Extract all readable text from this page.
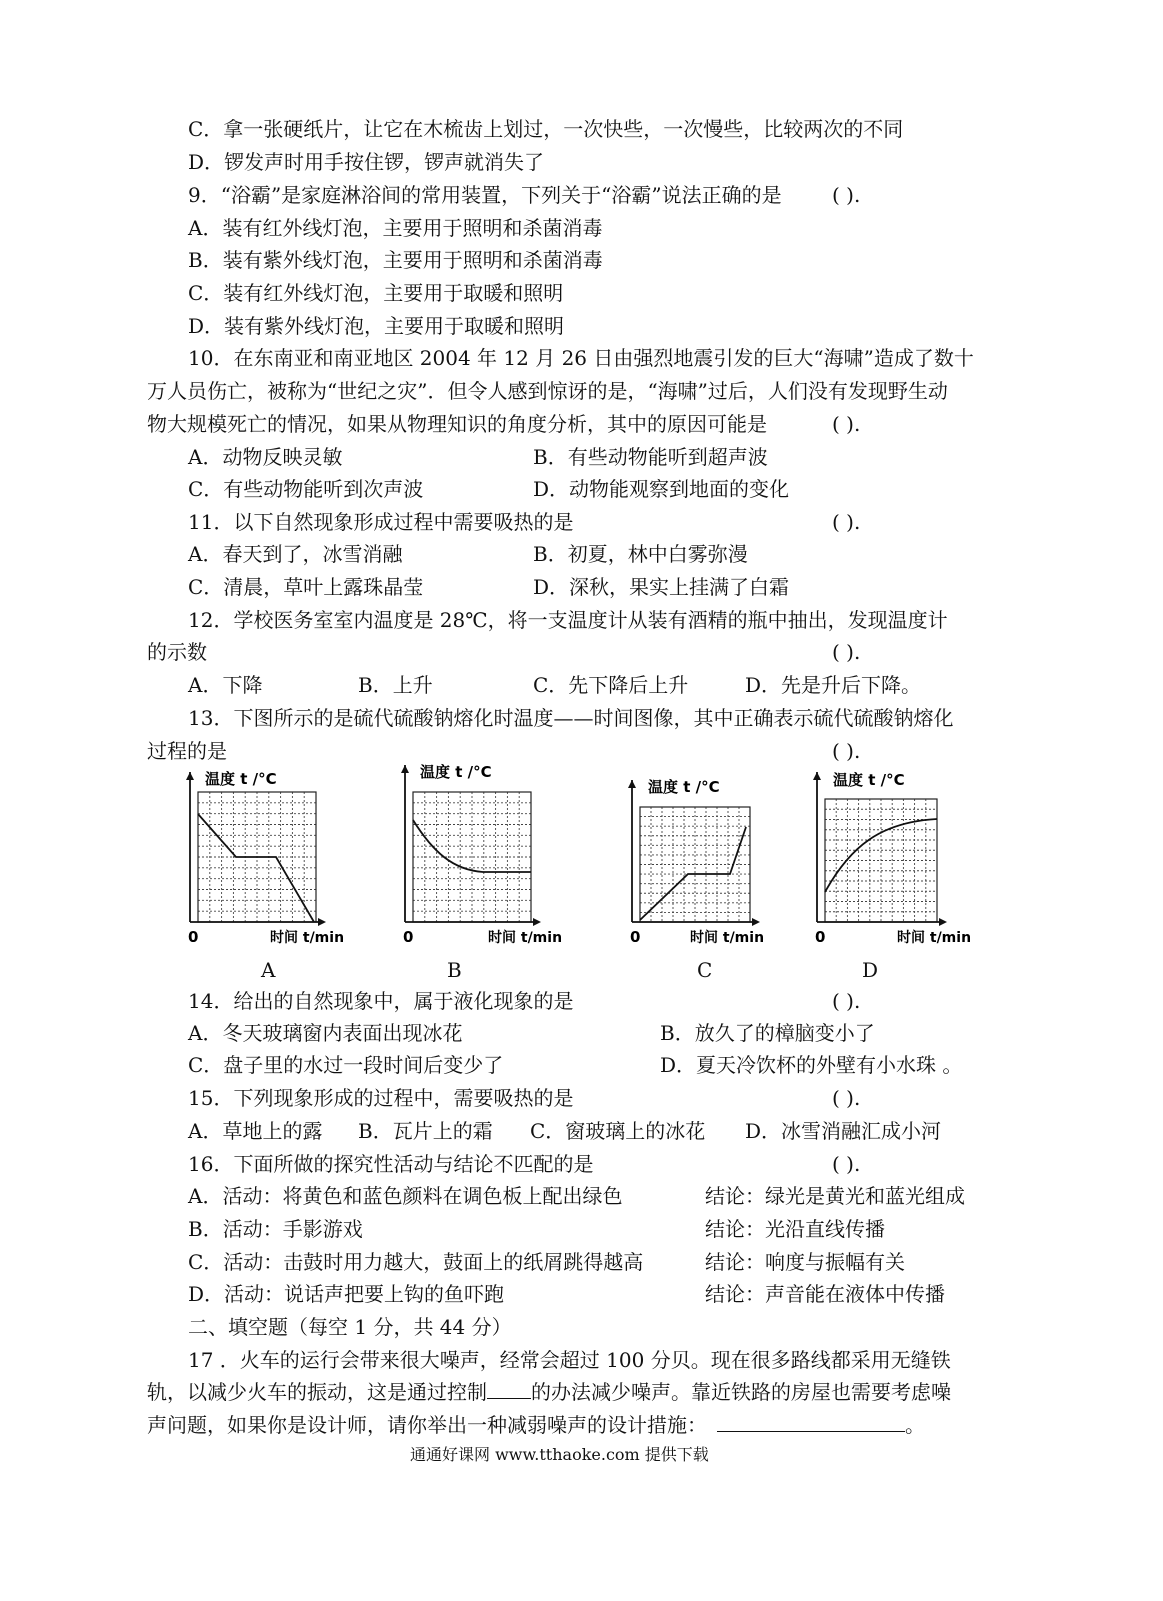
C．拿一张硬纸片，让它在木梳齿上划过，一次快些，一次慢些，比较两次的不同
D．锣发声时用手按住锣，锣声就消失了
9．“浴霸”是家庭淋浴间的常用装置，下列关于“浴霸”说法正确的是	( ).
A．装有红外线灯泡，主要用于照明和杀菌消毒
B．装有紫外线灯泡，主要用于照明和杀菌消毒
C．装有红外线灯泡，主要用于取暖和照明
D．装有紫外线灯泡，主要用于取暖和照明
10．在东南亚和南亚地区 2004 年 12 月 26 日由强烈地震引发的巨大“海啸”造成了数十
万人员伤亡，被称为“世纪之灾”．但令人感到惊讶的是，“海啸”过后，人们没有发现野生动
物大规模死亡的情况，如果从物理知识的角度分析，其中的原因可能是	( ).
A．动物反映灵敏	B．有些动物能听到超声波
C．有些动物能听到次声波	D．动物能观察到地面的变化
11．以下自然现象形成过程中需要吸热的是	( ).
A．春天到了，冰雪消融	B．初夏，林中白雾弥漫
C．清晨，草叶上露珠晶莹	D．深秋，果实上挂满了白霜
12．学校医务室室内温度是 28℃，将一支温度计从装有酒精的瓶中抽出，发现温度计
的示数	( ).
A．下降	B．上升	C．先下降后上升	D．先是升后下降。
13．下图所示的是硫代硫酸钠熔化时温度——时间图像，其中正确表示硫代硫酸钠熔化
过程的是	( ).
温度 t /°C
0	时间 t/min
温度 t /°C
0	时间 t/min
温度 t /°C
0	时间 t/min
温度 t /°C
0	时间 t/min
14．给出的自然现象中，属于液化现象的是	( ).
A．冬天玻璃窗内表面出现冰花	B．放久了的樟脑变小了
C．盘子里的水过一段时间后变少了	D．夏天冷饮杯的外壁有小水珠 。
15．下列现象形成的过程中，需要吸热的是	( ).
A．草地上的露 B．瓦片上的霜 C．窗玻璃上的冰花 D．冰雪消融汇成小河
16．下面所做的探究性活动与结论不匹配的是	( ).
A．活动：将黄色和蓝色颜料在调色板上配出绿色	结论：绿光是黄光和蓝光组成
B．活动：手影游戏	结论：光沿直线传播
C．活动：击鼓时用力越大，鼓面上的纸屑跳得越高	结论：响度与振幅有关
D．活动：说话声把要上钩的鱼吓跑	结论：声音能在液体中传播
二、填空题（每空 1 分，共 44 分）
17 ．火车的运行会带来很大噪声，经常会超过 100 分贝。现在很多路线都采用无缝铁
轨，以减少火车的振动，这是通过控制 的办法减少噪声。靠近铁路的房屋也需要考虑噪
声问题，如果你是设计师，请你举出一种减弱噪声的设计措施：	。
通通好课网 www.tthaoke.com 提供下载
A	B	C	D
